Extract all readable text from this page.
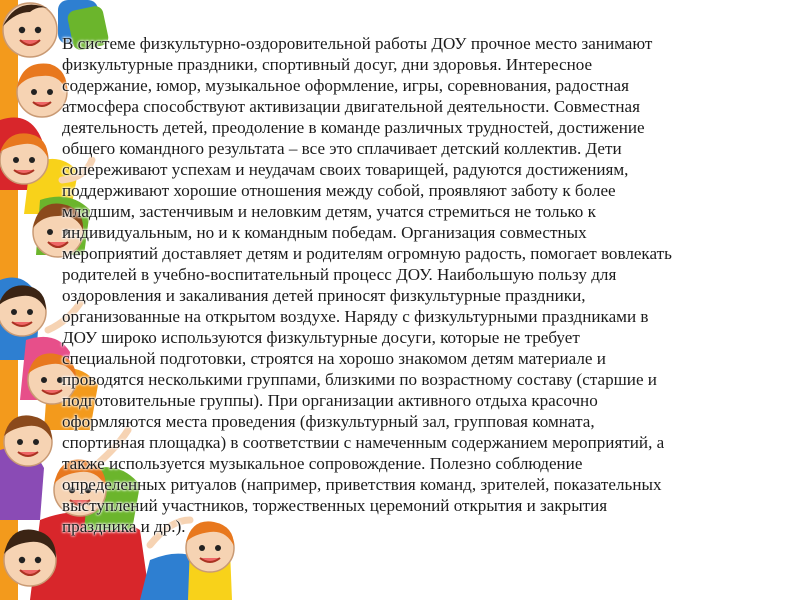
В системе физкультурно-оздоровительной работы ДОУ прочное место занимают
физкультурные праздники, спортивный досуг, дни здоровья. Интересное
содержание, юмор, музыкальное оформление, игры, соревнования, радостная
атмосфера способствуют активизации двигательной деятельности. Совместная
деятельность детей, преодоление в команде различных трудностей, достижение
общего командного результата – все это сплачивает детский коллектив. Дети
сопереживают успехам и неудачам своих товарищей, радуются достижениям,
поддерживают хорошие отношения между собой, проявляют заботу к более
младшим, застенчивым и неловким детям, учатся стремиться не только к
индивидуальным, но и к командным победам. Организация совместных
мероприятий доставляет детям и родителям огромную радость, помогает вовлекать
родителей в учебно-воспитательный процесс ДОУ. Наибольшую пользу для
оздоровления и закаливания детей приносят физкультурные праздники,
организованные на открытом воздухе. Наряду с физкультурными праздниками в
ДОУ широко используются физкультурные досуги, которые не требует
специальной подготовки, строятся на хорошо знакомом детям материале и
проводятся несколькими группами, близкими по возрастному составу (старшие и
подготовительные группы). При организации активного отдыха красочно
оформляются места проведения (физкультурный зал, групповая комната,
спортивная площадка) в соответствии с намеченным содержанием мероприятий, а
также используется музыкальное сопровождение. Полезно соблюдение
определенных ритуалов (например, приветствия команд, зрителей, показательных
выступлений участников, торжественных церемоний открытия и закрытия
праздника и др.).
